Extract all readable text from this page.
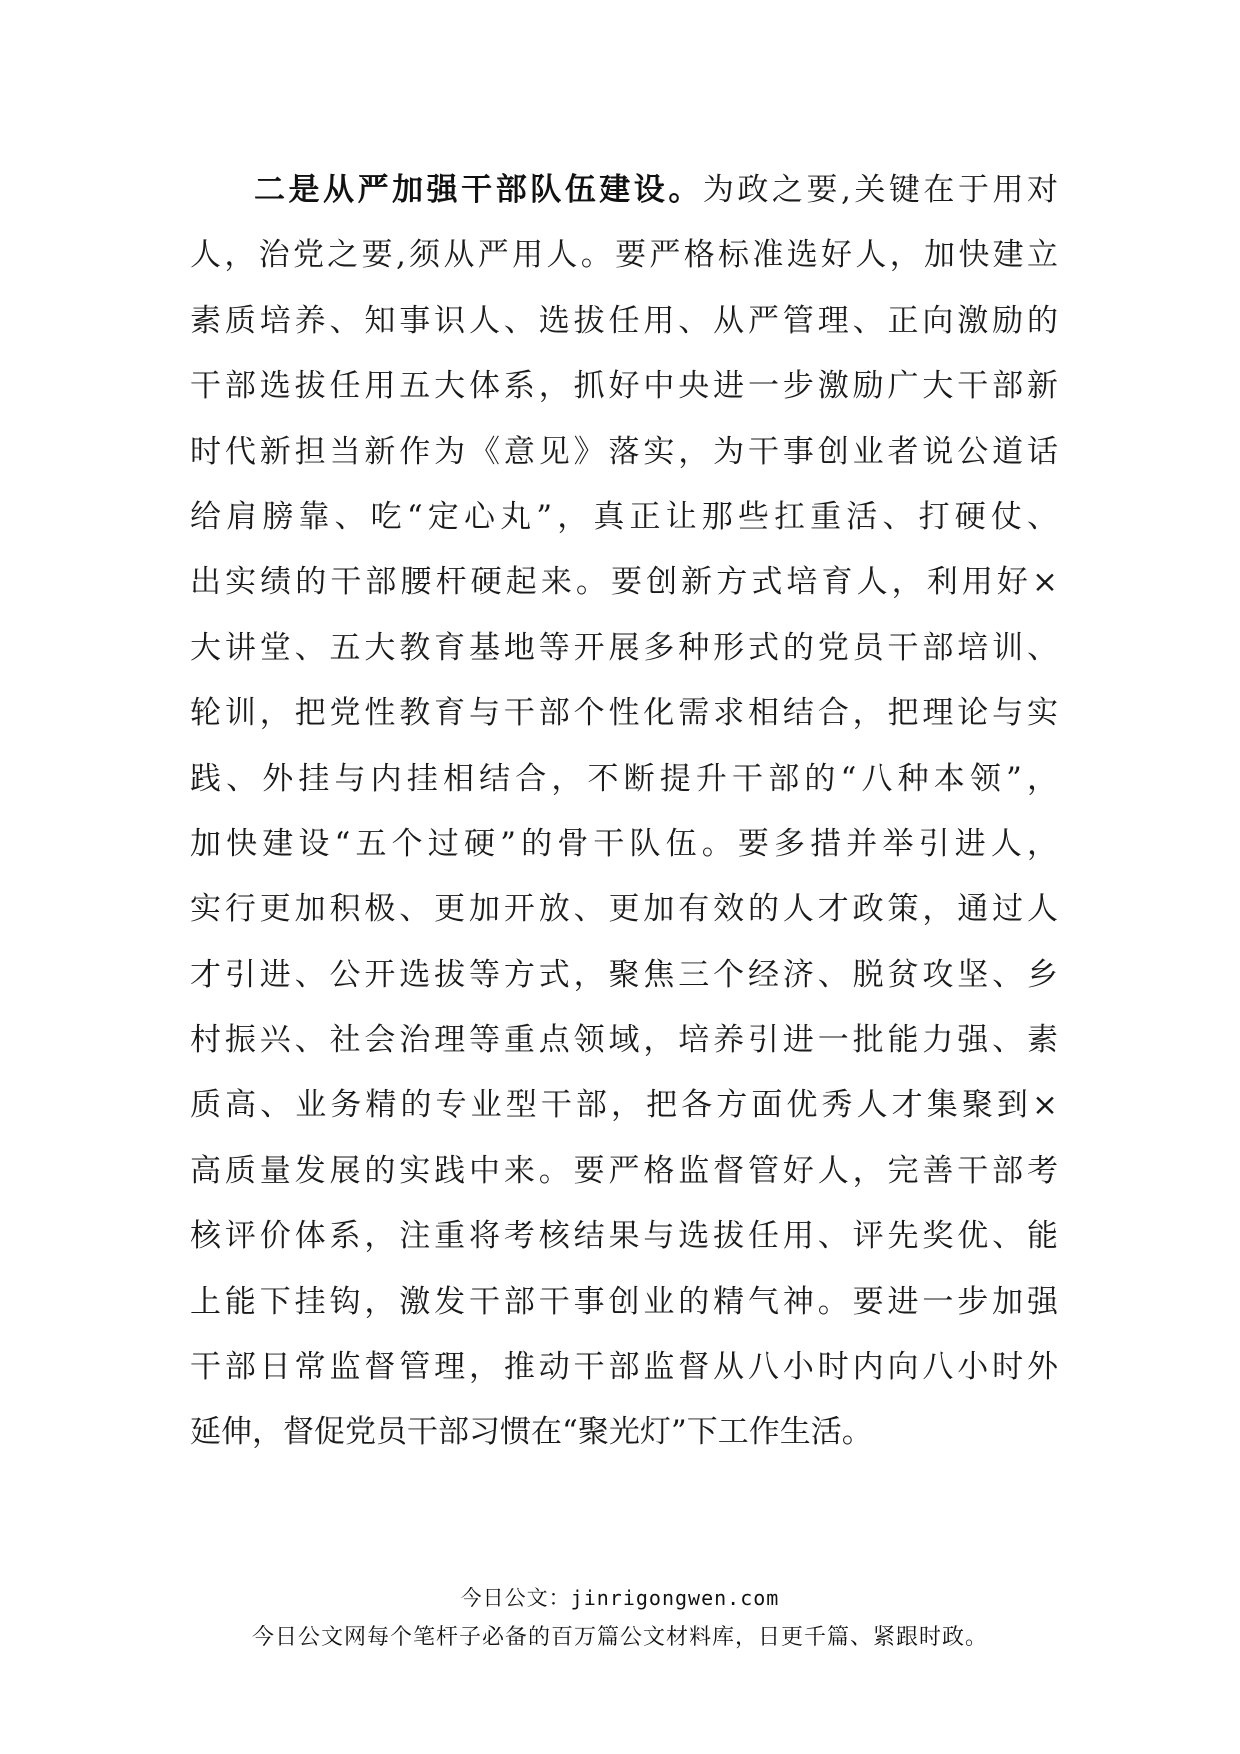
二是从严加强干部队伍建设。为政之要,关键在于用对
人，治党之要,须从严用人。要严格标准选好人，加快建立
素质培养、知事识人、选拔任用、从严管理、正向激励的
干部选拔任用五大体系，抓好中央进一步激励广大干部新
时代新担当新作为《意见》落实，为干事创业者说公道话
给肩膀靠、吃“定心丸”，真正让那些扛重活、打硬仗、
出实绩的干部腰杆硬起来。要创新方式培育人，利用好×
大讲堂、五大教育基地等开展多种形式的党员干部培训、
轮训，把党性教育与干部个性化需求相结合，把理论与实
践、外挂与内挂相结合，不断提升干部的“八种本领”，
加快建设“五个过硬”的骨干队伍。要多措并举引进人，
实行更加积极、更加开放、更加有效的人才政策，通过人
才引进、公开选拔等方式，聚焦三个经济、脱贫攻坚、乡
村振兴、社会治理等重点领域，培养引进一批能力强、素
质高、业务精的专业型干部，把各方面优秀人才集聚到×
高质量发展的实践中来。要严格监督管好人，完善干部考
核评价体系，注重将考核结果与选拔任用、评先奖优、能
上能下挂钩，激发干部干事创业的精气神。要进一步加强
干部日常监督管理，推动干部监督从八小时内向八小时外
延伸，督促党员干部习惯在“聚光灯”下工作生活。
今日公文：jinrigongwen.com
今日公文网每个笔杆子必备的百万篇公文材料库，日更千篇、紧跟时政。
